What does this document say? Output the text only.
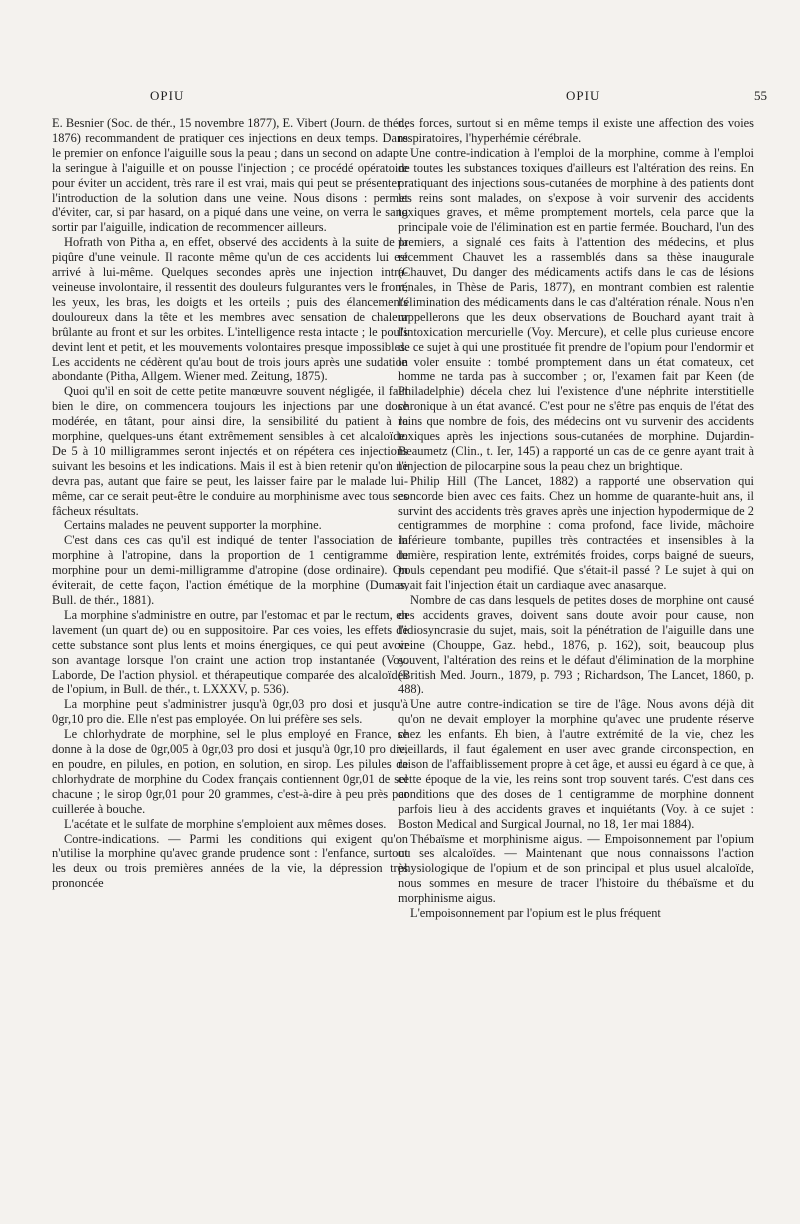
OPIU	OPIU	55

E. Besnier (Soc. de thér., 15 novembre 1877), E. Vibert (Journ. de thér., 1876) recommandent de pratiquer ces injections en deux temps. Dans le premier on enfonce l'aiguille sous la peau ; dans un second on adapte la seringue à l'aiguille et on pousse l'injection ; ce procédé opératoire pour éviter un accident, très rare il est vrai, mais qui peut se présenter : l'introduction de la solution dans une veine. Nous disons : permet d'éviter, car, si par hasard, on a piqué dans une veine, on verra le sang sortir par l'aiguille, indication de recommencer ailleurs.

Hofrath von Pitha a, en effet, observé des accidents à la suite de la piqûre d'une veinule. Il raconte même qu'un de ces accidents lui est arrivé à lui-même. Quelques secondes après une injection intra-veineuse involontaire, il ressentit des douleurs fulgurantes vers le front, les yeux, les bras, les doigts et les orteils ; puis des élancements douloureux dans la tête et les membres avec sensation de chaleur brûlante au front et sur les orbites. L'intelligence resta intacte ; le pouls devint lent et petit, et les mouvements volontaires presque impossibles. Les accidents ne cédèrent qu'au bout de trois jours après une sudation abondante (Pitha, Allgem. Wiener med. Zeitung, 1875).

Quoi qu'il en soit de cette petite manœuvre souvent négligée, il faut bien le dire, on commencera toujours les injections par une dose modérée, en tâtant, pour ainsi dire, la sensibilité du patient à la morphine, quelques-uns étant extrêmement sensibles à cet alcaloïde. De 5 à 10 milligrammes seront injectés et on répétera ces injections suivant les besoins et les indications. Mais il est à bien retenir qu'on ne devra pas, autant que faire se peut, les laisser faire par le malade lui-même, car ce serait peut-être le conduire au morphinisme avec tous ses fâcheux résultats.

Certains malades ne peuvent supporter la morphine.

C'est dans ces cas qu'il est indiqué de tenter l'association de la morphine à l'atropine, dans la proportion de 1 centigramme de morphine pour un demi-milligramme d'atropine (dose ordinaire). On éviterait, de cette façon, l'action émétique de la morphine (Dumas, Bull. de thér., 1881).

La morphine s'administre en outre, par l'estomac et par le rectum, en lavement (un quart de) ou en suppositoire. Par ces voies, les effets de cette substance sont plus lents et moins énergiques, ce qui peut avoir son avantage lorsque l'on craint une action trop instantanée (Voy. Laborde, De l'action physiol. et thérapeutique comparée des alcaloïdes de l'opium, in Bull. de thér., t. LXXXV, p. 536).

La morphine peut s'administrer jusqu'à 0gr,03 pro dosi et jusqu'à 0gr,10 pro die. Elle n'est pas employée. On lui préfère ses sels.

Le chlorhydrate de morphine, sel le plus employé en France, se donne à la dose de 0gr,005 à 0gr,03 pro dosi et jusqu'à 0gr,10 pro die, en poudre, en pilules, en potion, en solution, en sirop. Les pilules de chlorhydrate de morphine du Codex français contiennent 0gr,01 de sel chacune ; le sirop 0gr,01 pour 20 grammes, c'est-à-dire à peu près par cuillerée à bouche.

L'acétate et le sulfate de morphine s'emploient aux mêmes doses.

Contre-indications. — Parmi les conditions qui exigent qu'on n'utilise la morphine qu'avec grande prudence sont : l'enfance, surtout les deux ou trois premières années de la vie, la dépression très prononcée

des forces, surtout si en même temps il existe une affection des voies respiratoires, l'hyperhémie cérébrale.

Une contre-indication à l'emploi de la morphine, comme à l'emploi de toutes les substances toxiques d'ailleurs est l'altération des reins. En pratiquant des injections sous-cutanées de morphine à des patients dont les reins sont malades, on s'expose à voir survenir des accidents toxiques graves, et même promptement mortels, cela parce que la principale voie de l'élimination est en partie fermée. Bouchard, l'un des premiers, a signalé ces faits à l'attention des médecins, et plus récemment Chauvet les a rassemblés dans sa thèse inaugurale (Chauvet, Du danger des médicaments actifs dans le cas de lésions rénales, in Thèse de Paris, 1877), en montrant combien est ralentie l'élimination des médicaments dans le cas d'altération rénale. Nous n'en rappellerons que les deux observations de Bouchard ayant trait à l'intoxication mercurielle (Voy. Mercure), et celle plus curieuse encore de ce sujet à qui une prostituée fit prendre de l'opium pour l'endormir et le voler ensuite : tombé promptement dans un état comateux, cet homme ne tarda pas à succomber ; or, l'examen fait par Keen (de Philadelphie) décela chez lui l'existence d'une néphrite interstitielle chronique à un état avancé. C'est pour ne s'être pas enquis de l'état des reins que nombre de fois, des médecins ont vu survenir des accidents toxiques après les injections sous-cutanées de morphine. Dujardin-Beaumetz (Clin., t. Ier, 145) a rapporté un cas de ce genre ayant trait à l'injection de pilocarpine sous la peau chez un brightique.

Philip Hill (The Lancet, 1882) a rapporté une observation qui concorde bien avec ces faits. Chez un homme de quarante-huit ans, il survint des accidents très graves après une injection hypodermique de 2 centigrammes de morphine : coma profond, face livide, mâchoire inférieure tombante, pupilles très contractées et insensibles à la lumière, respiration lente, extrémités froides, corps baigné de sueurs, pouls cependant peu modifié. Que s'était-il passé ? Le sujet à qui on avait fait l'injection était un cardiaque avec anasarque.

Nombre de cas dans lesquels de petites doses de morphine ont causé des accidents graves, doivent sans doute avoir pour cause, non l'idiosyncrasie du sujet, mais, soit la pénétration de l'aiguille dans une veine (Chouppe, Gaz. hebd., 1876, p. 162), soit, beaucoup plus souvent, l'altération des reins et le défaut d'élimination de la morphine (British Med. Journ., 1879, p. 793 ; Richardson, The Lancet, 1860, p. 488).

Une autre contre-indication se tire de l'âge. Nous avons déjà dit qu'on ne devait employer la morphine qu'avec une prudente réserve chez les enfants. Eh bien, à l'autre extrémité de la vie, chez les vieillards, il faut également en user avec grande circonspection, en raison de l'affaiblissement propre à cet âge, et aussi eu égard à ce que, à cette époque de la vie, les reins sont trop souvent tarés. C'est dans ces conditions que des doses de 1 centigramme de morphine donnent parfois lieu à des accidents graves et inquiétants (Voy. à ce sujet : Boston Medical and Surgical Journal, no 18, 1er mai 1884).

Thébaïsme et morphinisme aigus. — Empoisonnement par l'opium ou ses alcaloïdes. — Maintenant que nous connaissons l'action physiologique de l'opium et de son principal et plus usuel alcaloïde, nous sommes en mesure de tracer l'histoire du thébaïsme et du morphinisme aigus.

L'empoisonnement par l'opium est le plus fréquent
